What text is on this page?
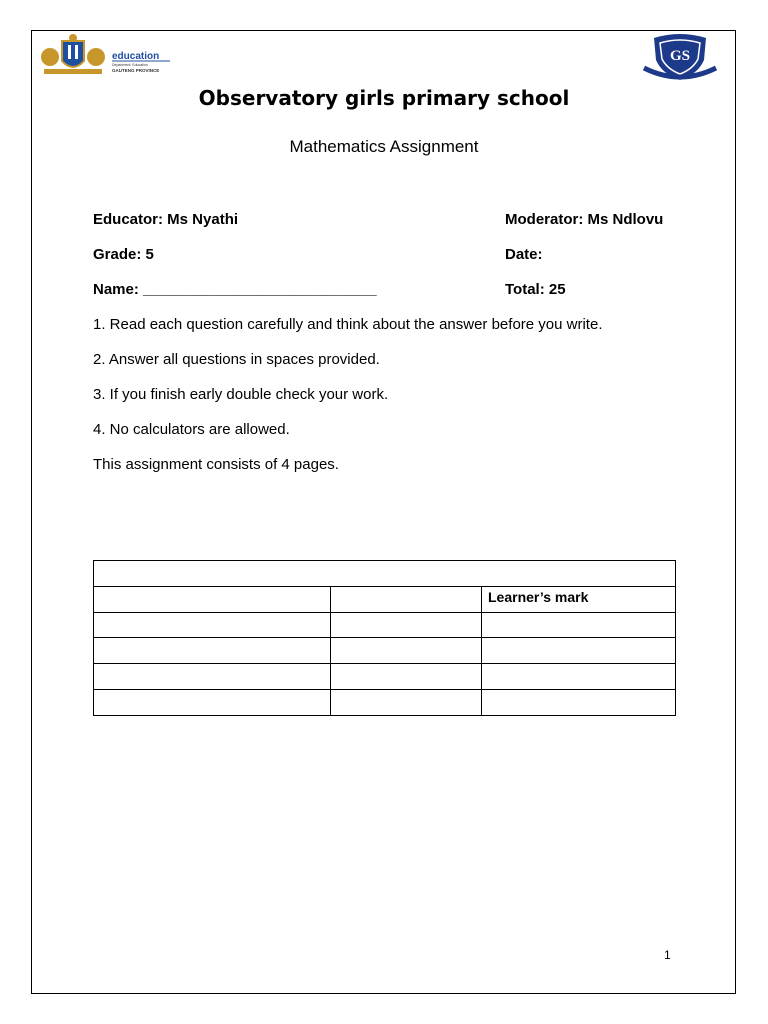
education
Department: Education
GAUTENG PROVINCE
GS
Observatory girls primary school
Mathematics Assignment
Educator: Ms Nyathi	Moderator: Ms Ndlovu
Grade: 5	Date:
Name: ____________________________	Total: 25
1. Read each question carefully and think about the answer before you write.
2. Answer all questions in spaces provided.
3. If you finish early double check your work.
4. No calculators are allowed.
This assignment consists of 4 pages.

		Learner’s mark

1
